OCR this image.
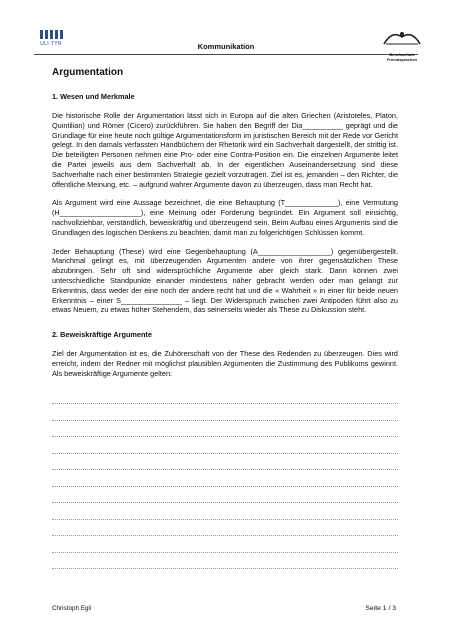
ULI-TYR	Kommunikation
Berufsschule Fremdsprachen
Argumentation
1. Wesen und Merkmale

Die historische Rolle der Argumentation lässt sich in Europa auf die alten Griechen (Aristoteles, Platon, Quintilian) und Römer (Cicero) zurückführen. Sie haben den Begriff der Dia__________ geprägt und die Grundlage für eine heute noch gültige Argumentationsform im juristischen Bereich mit der Rede vor Gericht gelegt. In den damals verfassten Handbüchern der Rhetorik wird ein Sachverhalt dargestellt, der strittig ist. Die beteiligten Personen nehmen eine Pro- oder eine Contra-Position ein. Die einzelnen Argumente leitet die Partei jeweils aus dem Sachverhalt ab. In der eigentlichen Auseinandersetzung sind diese Sachverhalte nach einer bestimmten Strategie gezielt vorzutragen. Ziel ist es, jemanden – den Richter, die öffentliche Meinung, etc. – aufgrund wahrer Argumente davon zu überzeugen, dass man Recht hat.

Als Argument wird eine Aussage bezeichnet, die eine Behauptung (T_____________), eine Vermutung (H____________________), eine Meinung oder Forderung begründet. Ein Argument soll einsichtig, nachvollziehbar, verständlich, beweiskräftig und überzeugend sein. Beim Aufbau eines Arguments sind die Grundlagen des logischen Denkens zu beachten, damit man zu folgerichtigen Schlüssen kommt.

Jeder Behauptung (These) wird eine Gegenbehauptung (A__________________) gegenübergestellt. Manchmal gelingt es, mit überzeugenden Argumenten andere von ihrer gegensätzlichen These abzubringen. Sehr oft sind widersprüchliche Argumente aber gleich stark. Dann können zwei unterschiedliche Standpunkte einander mindestens näher gebracht werden oder man gelangt zur Erkenntnis, dass weder der eine noch der andere recht hat und die « Wahrheit » in einer für beide neuen Erkenntnis – einer S_______________ – liegt. Der Widerspruch zwischen zwei Antipoden führt also zu etwas Neuem, zu etwas höher Stehendem, das seinerseits wieder als These zu Diskussion steht.

2. Beweiskräftige Argumente

Ziel der Argumentation ist es, die Zuhörerschaft von der These des Redenden zu überzeugen. Dies wird erreicht, indem der Redner mit möglichst plausiblen Argumenten die Zustimmung des Publikums gewinnt. Als beweiskräftige Argumente gelten:

Christoph Egli	Seite 1 / 3
